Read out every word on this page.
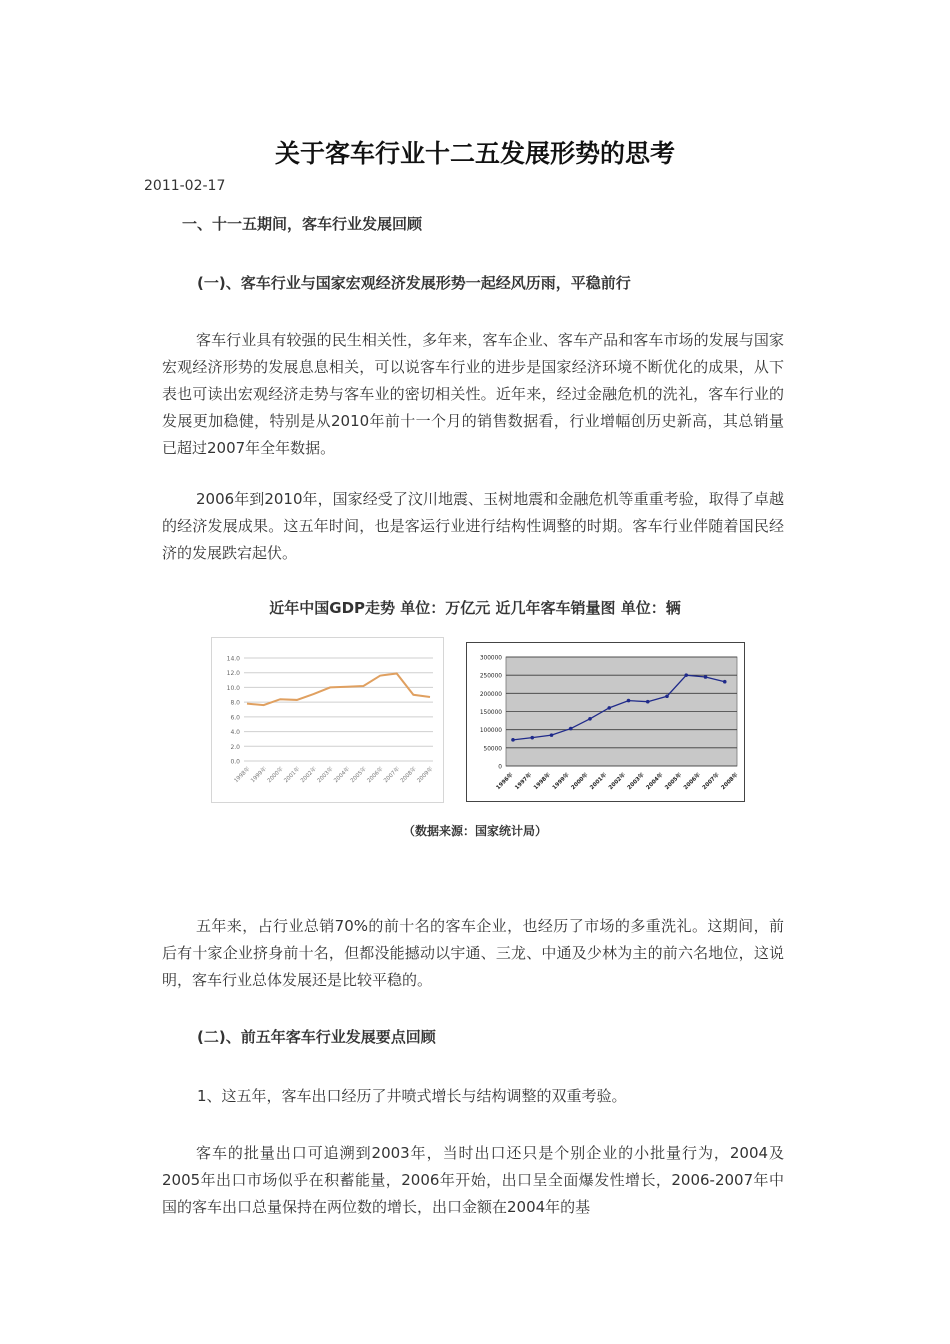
关于客车行业十二五发展形势的思考
2011-02-17
一、十一五期间，客车行业发展回顾
(一)、客车行业与国家宏观经济发展形势一起经风历雨，平稳前行

客车行业具有较强的民生相关性，多年来，客车企业、客车产品和客车市场的发展与国家宏观经济形势的发展息息相关，可以说客车行业的进步是国家经济环境不断优化的成果，从下表也可读出宏观经济走势与客车业的密切相关性。近年来，经过金融危机的洗礼，客车行业的发展更加稳健，特别是从2010年前十一个月的销售数据看，行业增幅创历史新高，其总销量已超过2007年全年数据。

2006年到2010年，国家经受了汶川地震、玉树地震和金融危机等重重考验，取得了卓越的经济发展成果。这五年时间，也是客运行业进行结构性调整的时期。客车行业伴随着国民经济的发展跌宕起伏。

近年中国GDP走势 单位：万亿元 近几年客车销量图 单位：辆
0.0
2.0
4.0
6.0
8.0
10.0
12.0
14.0
1998年
1999年
2000年
2001年
2002年
2003年
2004年
2005年
2006年
2007年
2008年
2009年	0
50000
100000
150000
200000
250000
300000
1996年 1997年 1998年 1999年 2000年 2001年 2002年 2003年 2004年 2005年 2006年 2007年 2008年
（数据来源：国家统计局）

五年来，占行业总销70%的前十名的客车企业，也经历了市场的多重洗礼。这期间，前后有十家企业挤身前十名，但都没能撼动以宇通、三龙、中通及少林为主的前六名地位，这说明，客车行业总体发展还是比较平稳的。

(二)、前五年客车行业发展要点回顾
1、这五年，客车出口经历了井喷式增长与结构调整的双重考验。

客车的批量出口可追溯到2003年，当时出口还只是个别企业的小批量行为，2004及2005年出口市场似乎在积蓄能量，2006年开始，出口呈全面爆发性增长，2006-2007年中国的客车出口总量保持在两位数的增长，出口金额在2004年的基
